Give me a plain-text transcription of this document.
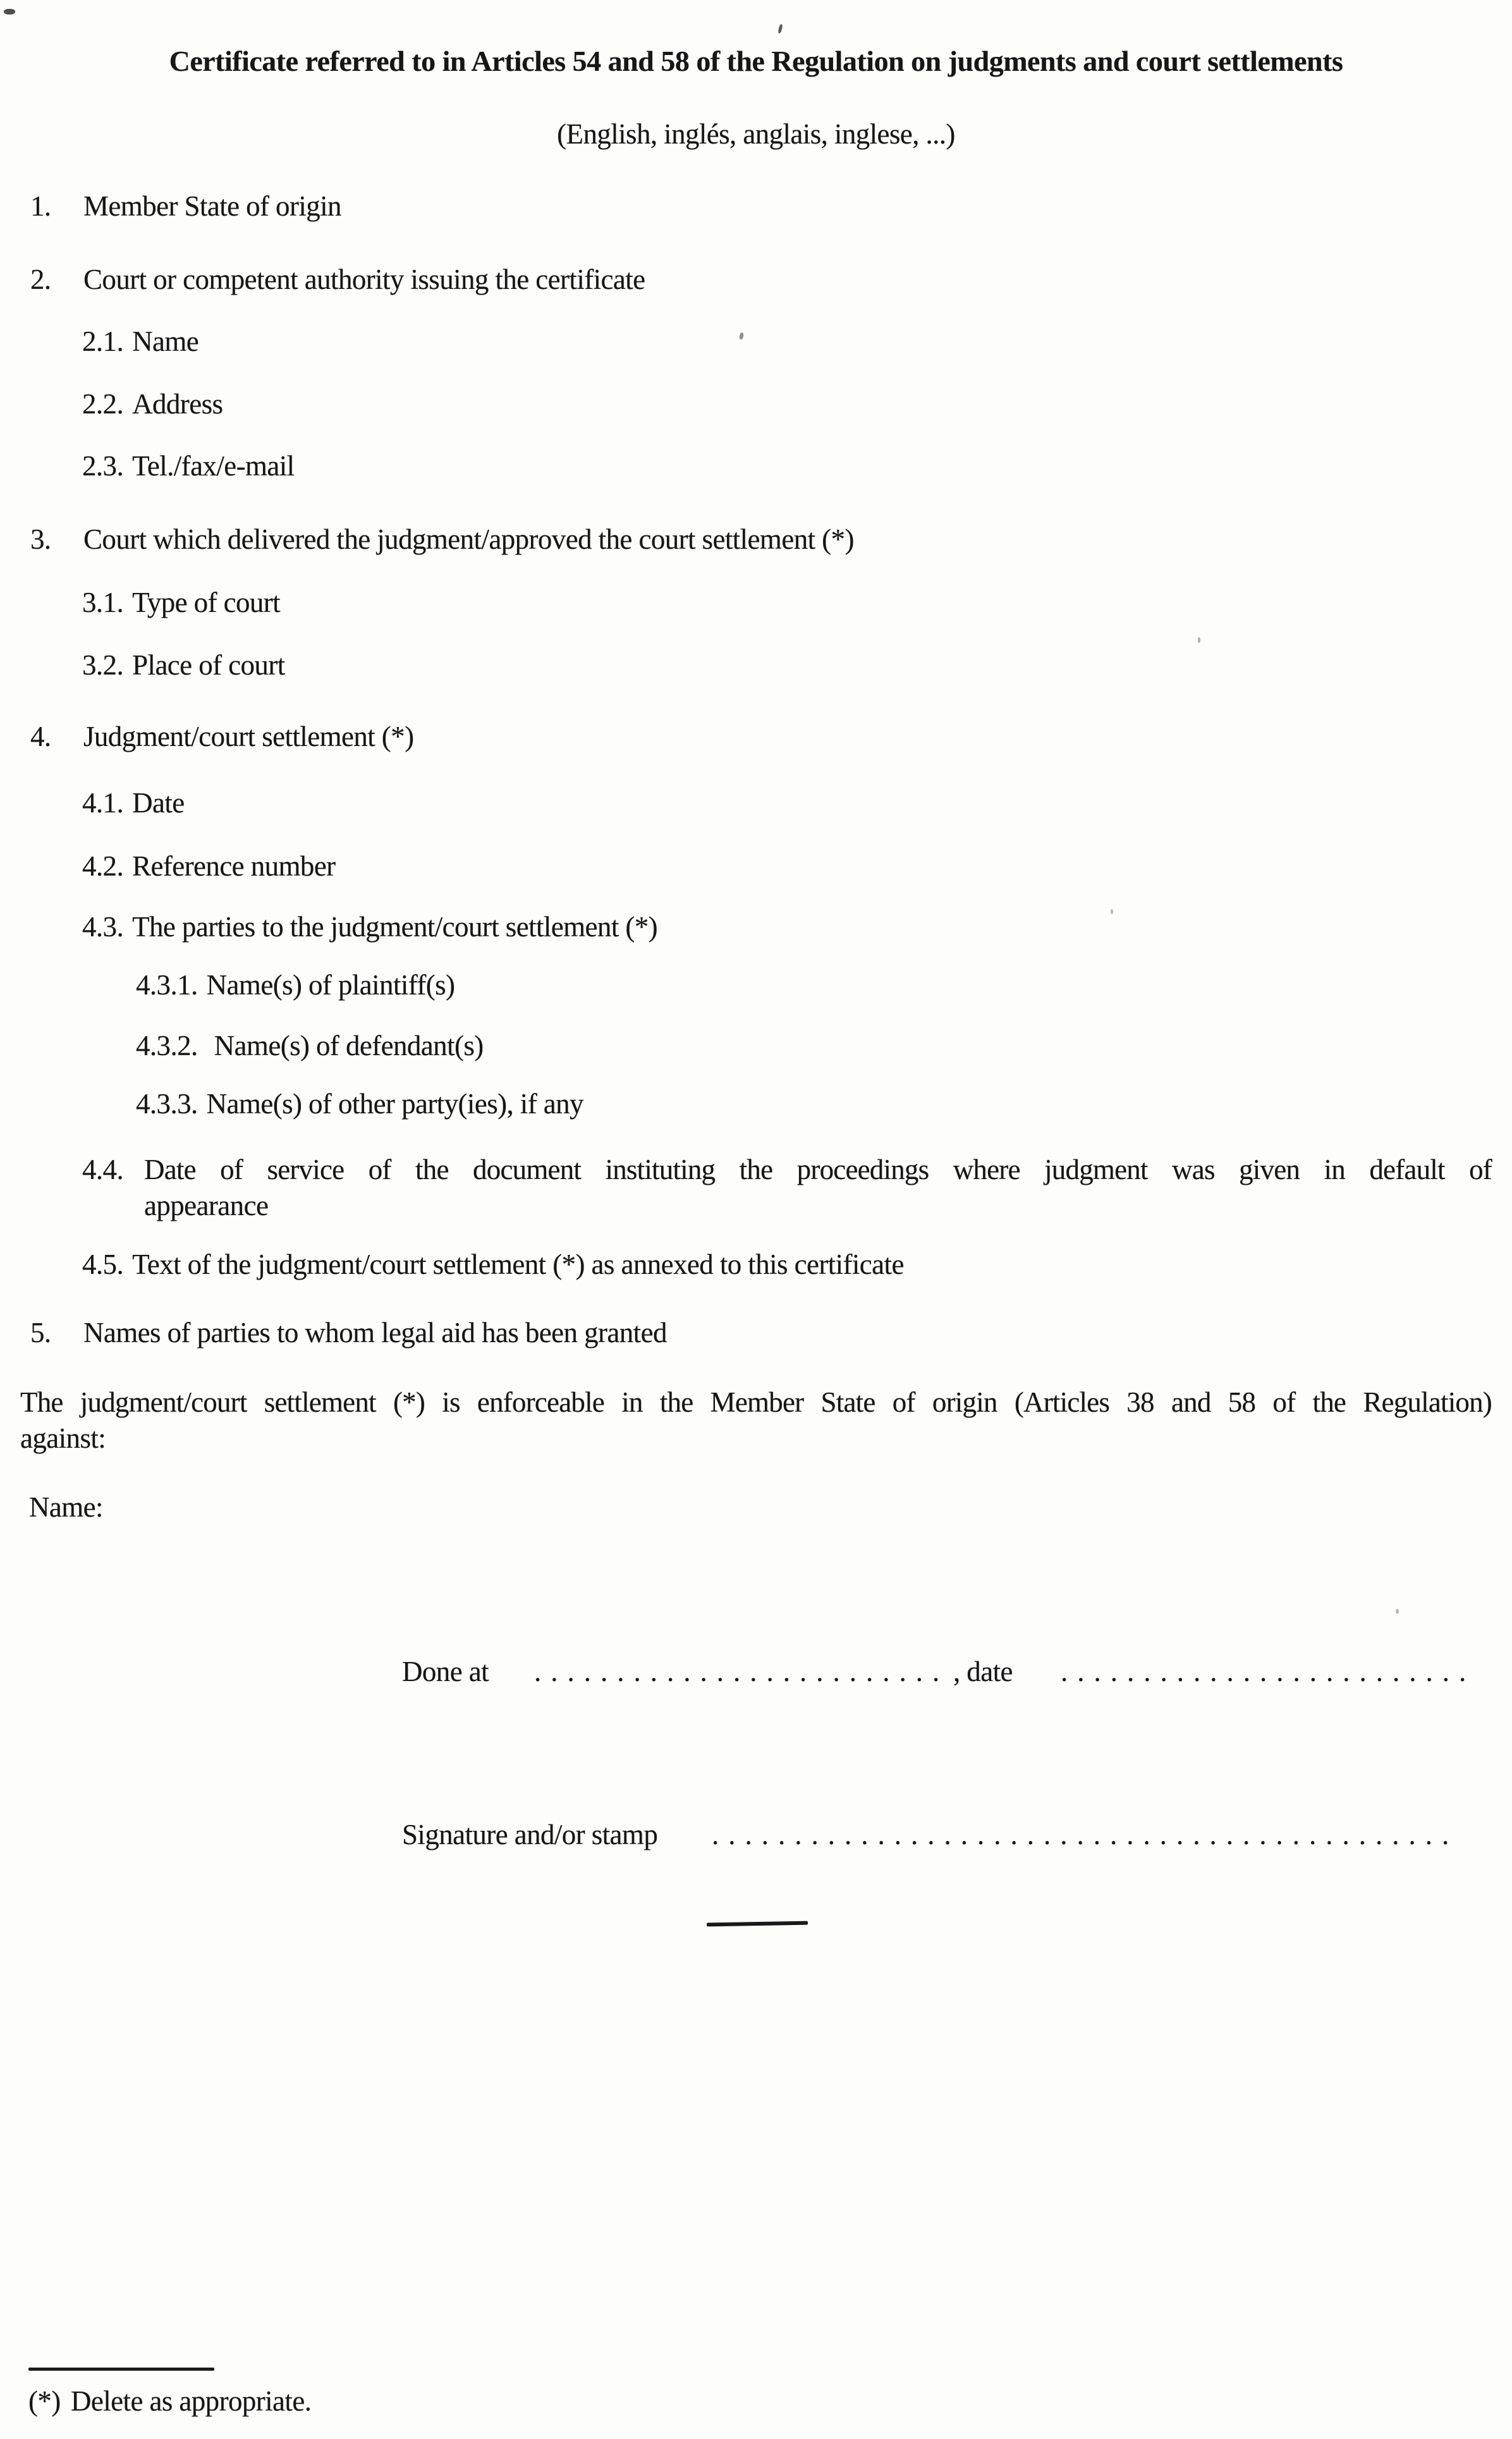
Certificate referred to in Articles 54 and 58 of the Regulation on judgments and court settlements
(English, inglés, anglais, inglese, ...)
1. Member State of origin
2. Court or competent authority issuing the certificate
2.1. Name
2.2. Address
2.3. Tel./fax/e-mail
3. Court which delivered the judgment/approved the court settlement (*)
3.1. Type of court
3.2. Place of court
4. Judgment/court settlement (*)
4.1. Date
4.2. Reference number
4.3. The parties to the judgment/court settlement (*)
4.3.1. Name(s) of plaintiff(s)
4.3.2. Name(s) of defendant(s)
4.3.3. Name(s) of other party(ies), if any
4.4. Date of service of the document instituting the proceedings where judgment was given in default of
appearance
4.5. Text of the judgment/court settlement (*) as annexed to this certificate
5. Names of parties to whom legal aid has been granted
The judgment/court settlement (*) is enforceable in the Member State of origin (Articles 38 and 58 of the Regulation)
against:
Name:
Done at ......................... , date .........................
Signature and/or stamp .............................................
(*) Delete as appropriate.
